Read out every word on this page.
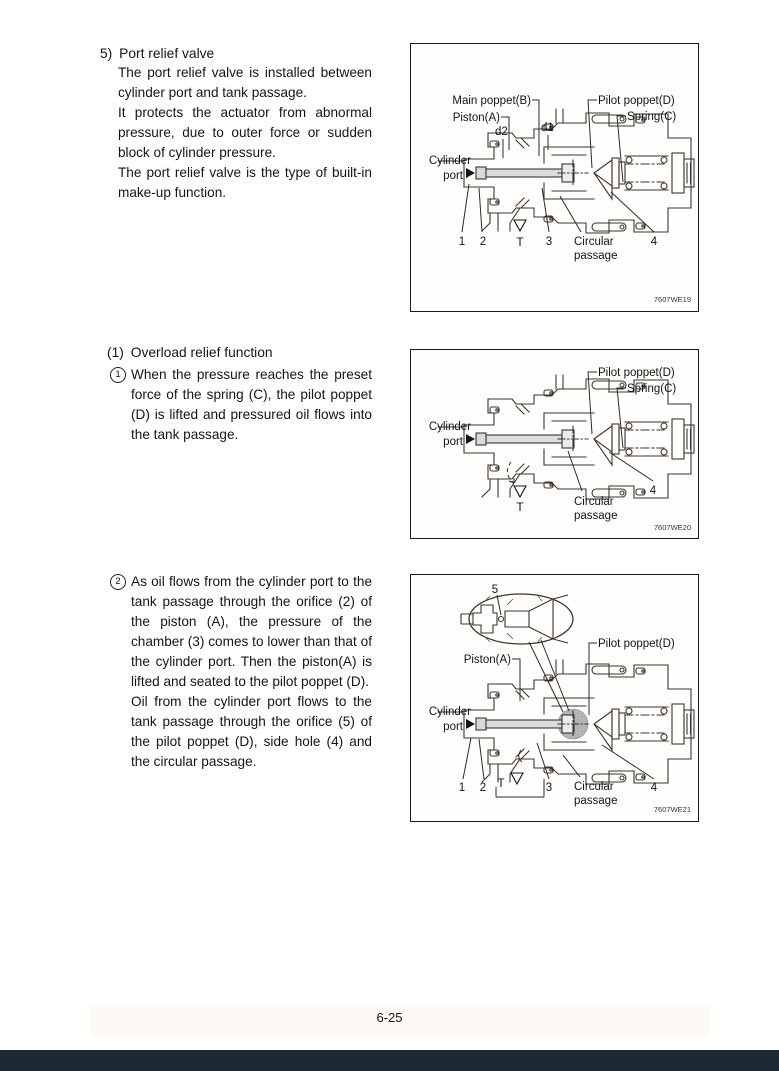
5) Port relief valve

The port relief valve is installed between cylinder port and tank passage.

It protects the actuator from abnormal pressure, due to outer force or sudden block of cylinder pressure.

The port relief valve is the type of built-in make-up function.

Main poppet(B)
Piston(A)
d2	d1
Pilot poppet(D)
Spring(C)
Cylinder
port
1 2	T 3 Circular
passage
4
7607WE19
(1) Overload relief function
1 When the pressure reaches the preset force of the spring (C), the pilot poppet (D) is lifted and pressured oil flows into the tank passage.

Pilot poppet(D)
Spring(C)
Cylinder
port
T	Circular
passage
4
7607WE20
2 As oil flows from the cylinder port to the tank passage through the orifice (2) of the piston (A), the pressure of the chamber (3) comes to lower than that of the cylinder port. Then the piston(A) is lifted and seated to the pilot poppet (D).

Oil from the cylinder port flows to the tank passage through the orifice (5) of the pilot poppet (D), side hole (4) and the circular passage.

5
Piston(A)
Pilot poppet(D)
Cylinder
port
1 2 T	3 Circular
passage
4
7607WE21
6-25
